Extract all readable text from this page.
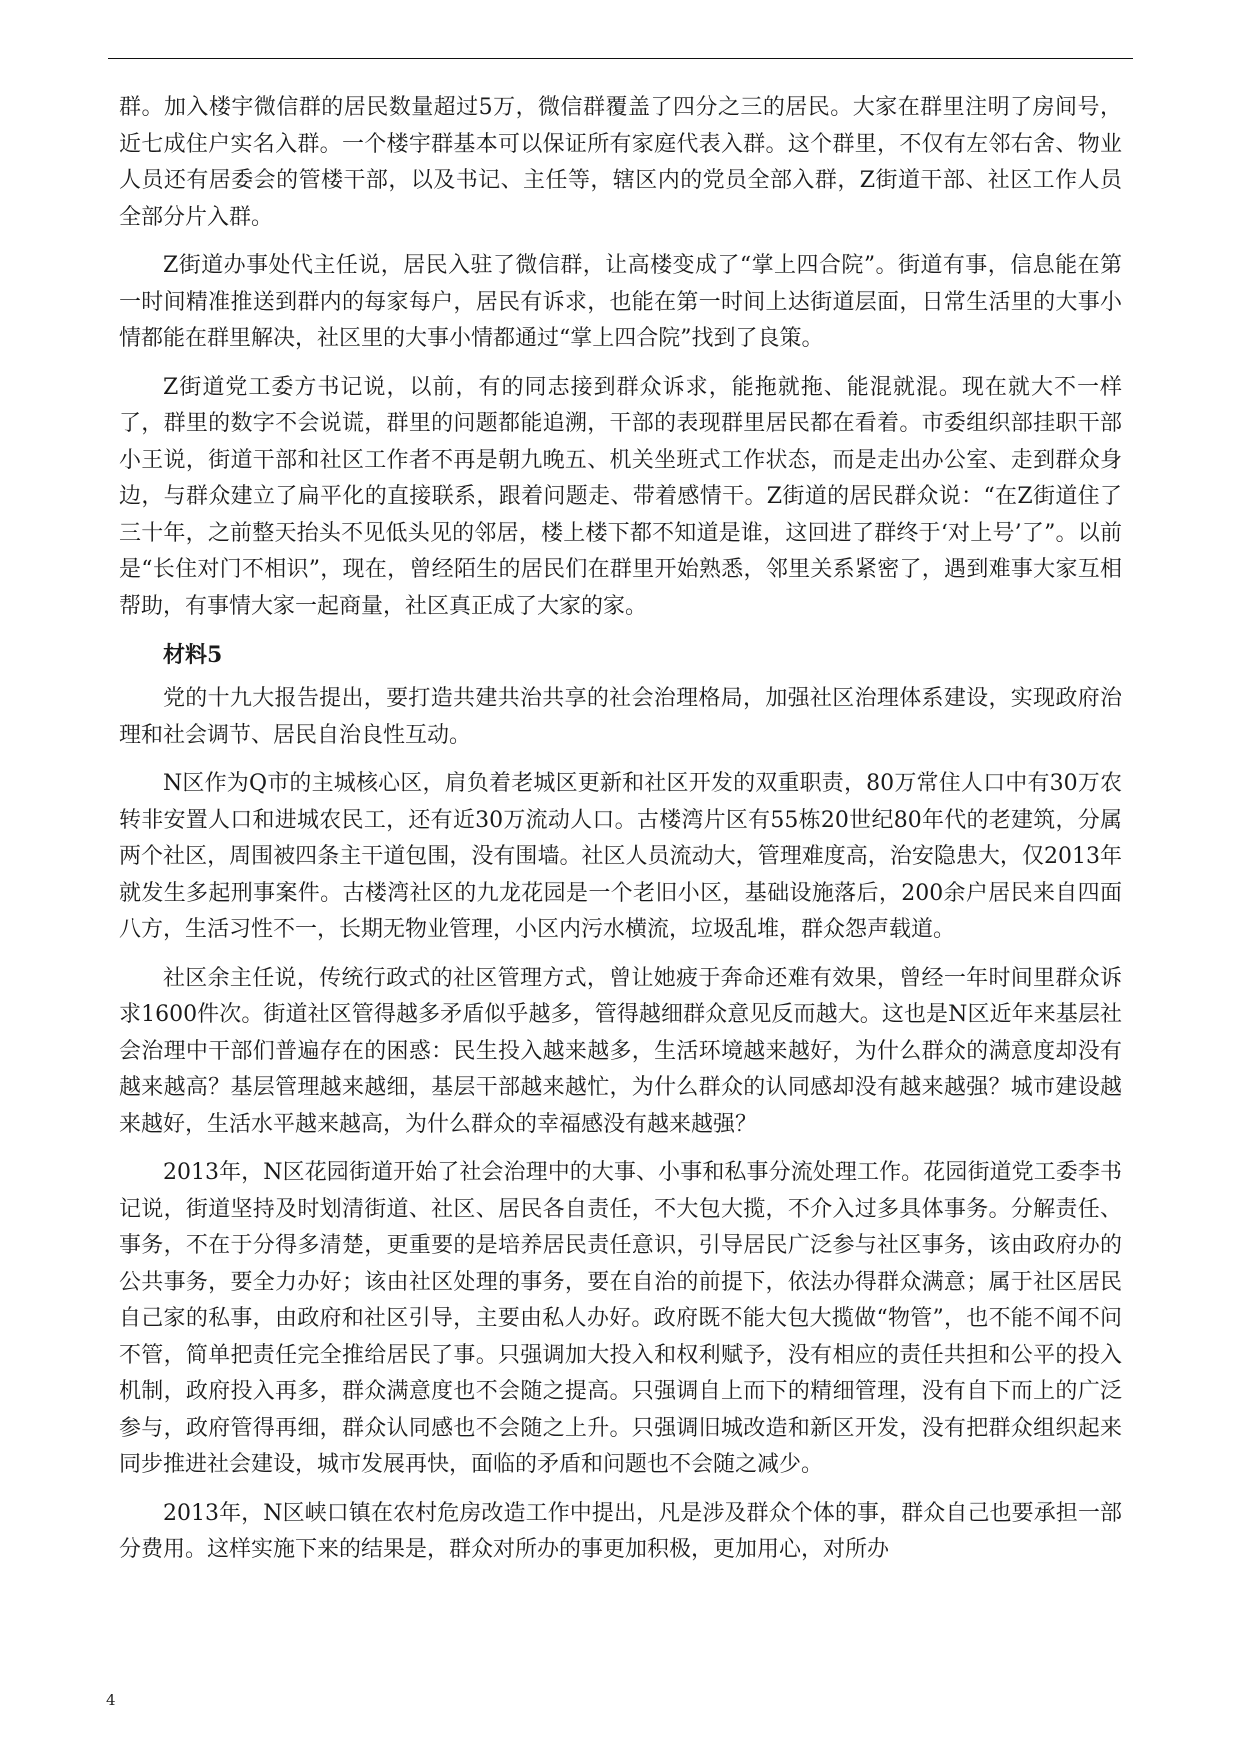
群。加入楼宇微信群的居民数量超过5万，微信群覆盖了四分之三的居民。大家在群里注明了房间号，近七成住户实名入群。一个楼宇群基本可以保证所有家庭代表入群。这个群里，不仅有左邻右舍、物业人员还有居委会的管楼干部，以及书记、主任等，辖区内的党员全部入群，Z街道干部、社区工作人员全部分片入群。

Z街道办事处代主任说，居民入驻了微信群，让高楼变成了“掌上四合院”。街道有事，信息能在第一时间精准推送到群内的每家每户，居民有诉求，也能在第一时间上达街道层面，日常生活里的大事小情都能在群里解决，社区里的大事小情都通过“掌上四合院”找到了良策。

Z街道党工委方书记说，以前，有的同志接到群众诉求，能拖就拖、能混就混。现在就大不一样了，群里的数字不会说谎，群里的问题都能追溯，干部的表现群里居民都在看着。市委组织部挂职干部小王说，街道干部和社区工作者不再是朝九晚五、机关坐班式工作状态，而是走出办公室、走到群众身边，与群众建立了扁平化的直接联系，跟着问题走、带着感情干。Z街道的居民群众说：“在Z街道住了三十年，之前整天抬头不见低头见的邻居，楼上楼下都不知道是谁，这回进了群终于‘对上号’了”。以前是“长住对门不相识”，现在，曾经陌生的居民们在群里开始熟悉，邻里关系紧密了，遇到难事大家互相帮助，有事情大家一起商量，社区真正成了大家的家。

材料5

党的十九大报告提出，要打造共建共治共享的社会治理格局，加强社区治理体系建设，实现政府治理和社会调节、居民自治良性互动。

N区作为Q市的主城核心区，肩负着老城区更新和社区开发的双重职责，80万常住人口中有30万农转非安置人口和进城农民工，还有近30万流动人口。古楼湾片区有55栋20世纪80年代的老建筑，分属两个社区，周围被四条主干道包围，没有围墙。社区人员流动大，管理难度高，治安隐患大，仅2013年就发生多起刑事案件。古楼湾社区的九龙花园是一个老旧小区，基础设施落后，200余户居民来自四面八方，生活习性不一，长期无物业管理，小区内污水横流，垃圾乱堆，群众怨声载道。

社区余主任说，传统行政式的社区管理方式，曾让她疲于奔命还难有效果，曾经一年时间里群众诉求1600件次。街道社区管得越多矛盾似乎越多，管得越细群众意见反而越大。这也是N区近年来基层社会治理中干部们普遍存在的困惑：民生投入越来越多，生活环境越来越好，为什么群众的满意度却没有越来越高？基层管理越来越细，基层干部越来越忙，为什么群众的认同感却没有越来越强？城市建设越来越好，生活水平越来越高，为什么群众的幸福感没有越来越强？

2013年，N区花园街道开始了社会治理中的大事、小事和私事分流处理工作。花园街道党工委李书记说，街道坚持及时划清街道、社区、居民各自责任，不大包大揽，不介入过多具体事务。分解责任、事务，不在于分得多清楚，更重要的是培养居民责任意识，引导居民广泛参与社区事务，该由政府办的公共事务，要全力办好；该由社区处理的事务，要在自治的前提下，依法办得群众满意；属于社区居民自己家的私事，由政府和社区引导，主要由私人办好。政府既不能大包大揽做“物管”，也不能不闻不问不管，简单把责任完全推给居民了事。只强调加大投入和权利赋予，没有相应的责任共担和公平的投入机制，政府投入再多，群众满意度也不会随之提高。只强调自上而下的精细管理，没有自下而上的广泛参与，政府管得再细，群众认同感也不会随之上升。只强调旧城改造和新区开发，没有把群众组织起来同步推进社会建设，城市发展再快，面临的矛盾和问题也不会随之减少。

2013年，N区峡口镇在农村危房改造工作中提出，凡是涉及群众个体的事，群众自己也要承担一部分费用。这样实施下来的结果是，群众对所办的事更加积极，更加用心，对所办

4
